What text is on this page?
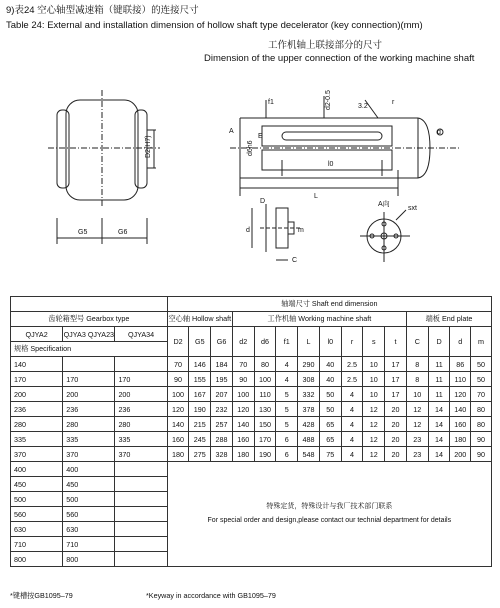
9)表24 空心轴型减速箱（键联接）的连接尺寸
Table 24: External and installation dimension of hollow shaft type decelerator (key connection)(mm)
工作机轴上联接部分的尺寸
Dimension of the upper connection of the working machine shaft
D2(H7)
G5	G6
A
E
f1	d2-0.5	3.2
r
d6h6
l0
L
d
D
d	m
C
A向
sxt
			轴端尺寸 Shaft end dimension														
齿轮箱型号 Gearbox type			空心轴 Hollow shaft			工作机轴 Working machine shaft								端板 End plate			
QJYA2	QJYA3 QJYA23	QJYA34	D2	G5	G6	d2	d6	f1	L	l0	r	s	t	C	D	d	m
规格 Specification																	
140			70	146	184	70	80	4	290	40	2.5	10	17	8	11	86	50
170	170	170	90	155	195	90	100	4	308	40	2.5	10	17	8	11	110	50
200	200	200	100	167	207	100	110	5	332	50	4	10	17	10	11	120	70
236	236	236	120	190	232	120	130	5	378	50	4	12	20	12	14	140	80
280	280	280	140	215	257	140	150	5	428	65	4	12	20	12	14	160	80
335	335	335	160	245	288	160	170	6	488	65	4	12	20	23	14	180	90
370	370	370	180	275	328	180	190	6	548	75	4	12	20	23	14	200	90
400	400		特殊定货，特殊设计与我厂技术部门联系
For special order and design,please contact our technial department for details														

450	450																
500	500																
560	560																
630	630																
710	710																
800	800																
*键槽按GB1095–79	*Keyway in accordance with GB1095–79
